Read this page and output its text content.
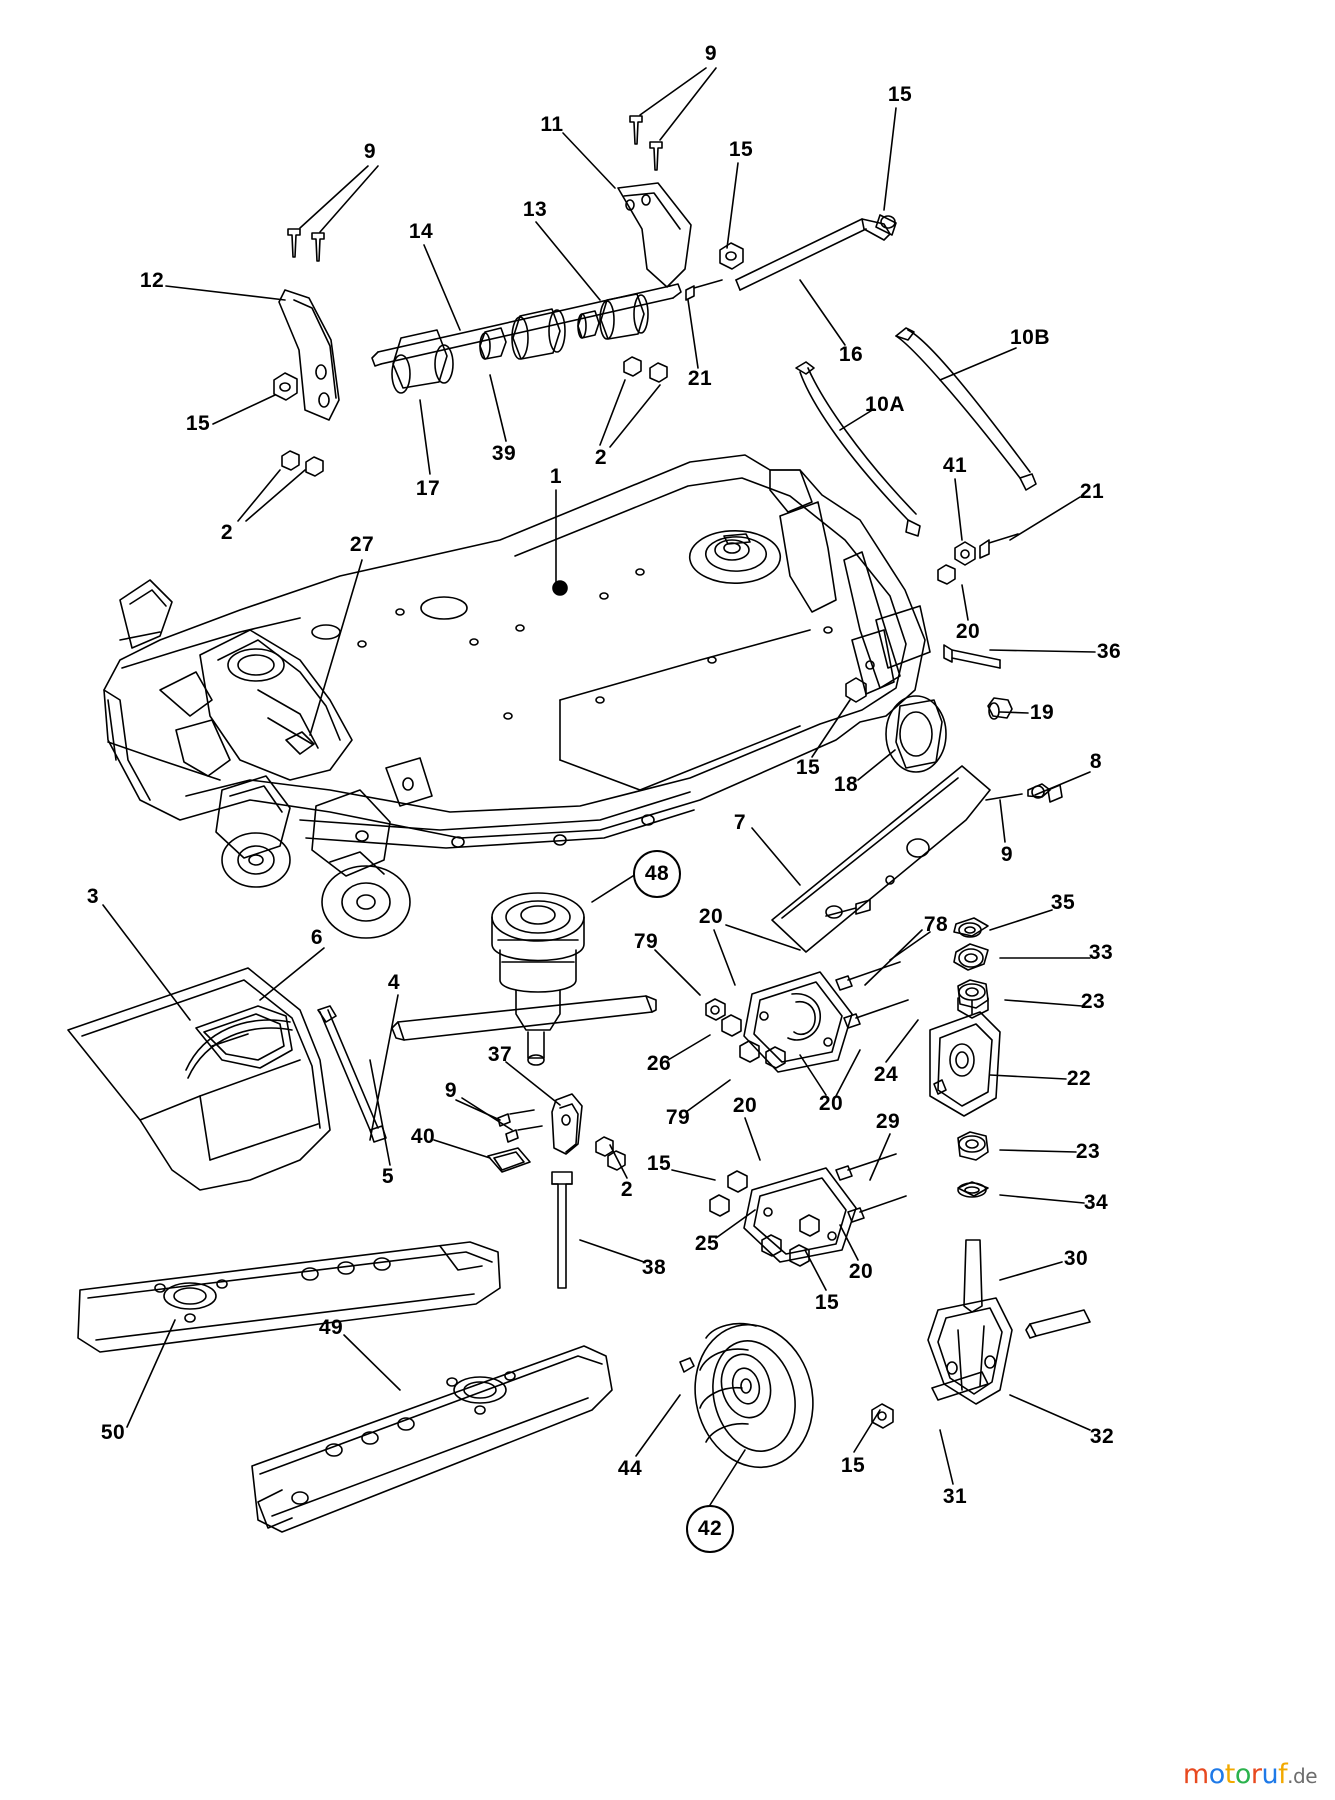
9
15
11
9	15
13
14
12
10B
16
21
15
10A
39	2
17
1	41
21
2
27
20
36
19
15
18
8
7
9
48
3
20	78
35
6	79	33
4
23
37	26	24	22
9
79
20
20
29
40
23
15
5
2
34
25
20
38	30
15
49
32
50
44	15
31
42
motoruf.de
